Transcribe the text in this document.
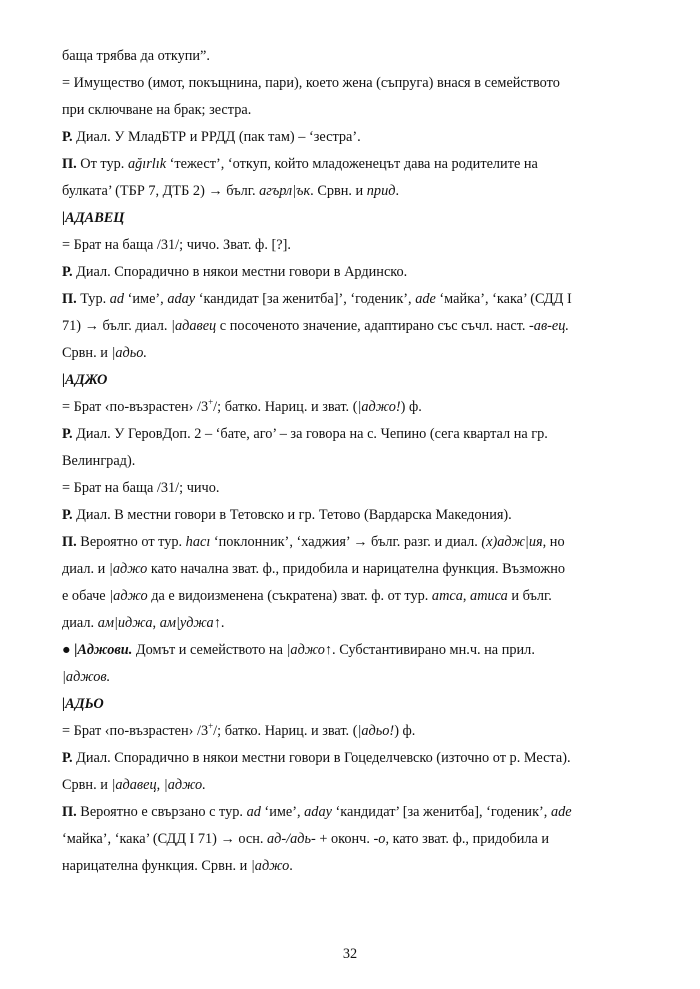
баща трябва да откупи”.
= Имущество (имот, покъщнина, пари), което жена (съпруга) внася в семейството
при сключване на брак; зестра.
Р. Диал. У МладБТР и РРДД (пак там) – ‘зестра’.
П. От тур. ağırlık ‘тежест’, ‘откуп, който младоженецът дава на родителите на
булката’ (ТБР 7, ДТБ 2) → бълг. агърл|ък. Срвн. и прид.
|АДАВЕЦ
= Брат на баща /31/; чичо. Зват. ф. [?].
Р. Диал. Спорадично в някои местни говори в Ардинско.
П. Тур. ad ‘име’, aday ‘кандидат [за женитба]’, ‘годеник’, ade ‘майка’, ‘кака’ (СДД I
71) → бълг. диал. |адавец с посоченото значение, адаптирано със съчл. наст. -ав-ец.
Срвн. и |адьо.
|АДЖО
= Брат ‹по-възрастен› /3+/; батко. Нариц. и зват. (|аджо!) ф.
Р. Диал. У ГеровДоп. 2 – ‘бате, аго’ – за говора на с. Чепино (сега квартал на гр.
Велинград).
= Брат на баща /31/; чичо.
Р. Диал. В местни говори в Тетовско и гр. Тетово (Вардарска Македония).
П. Вероятно от тур. hacı ‘поклонник’, ‘хаджия’ → бълг. разг. и диал. (х)адж|ия, но
диал. и |аджо като начална зват. ф., придобила и нарицателна функция. Възможно
е обаче |аджо да е видоизменена (съкратена) зват. ф. от тур. amca, amиса и бълг.
диал. ам|иджа, ам|уджа↑.
● |Аджови. Домът и семейството на |аджо↑. Субстантивирано мн.ч. на прил.
|аджов.
|АДЬО
= Брат ‹по-възрастен› /3+/; батко. Нариц. и зват. (|адьо!) ф.
Р. Диал. Спорадично в някои местни говори в Гоцеделчевско (източно от р. Места).
Срвн. и |адавец, |аджо.
П. Вероятно е свързано с тур. ad ‘име’, aday ‘кандидат’ [за женитба], ‘годеник’, ade
‘майка’, ‘кака’ (СДД I 71) → осн. ад-/адь- + оконч. -о, като зват. ф., придобила и
нарицателна функция. Срвн. и |аджо.
32
